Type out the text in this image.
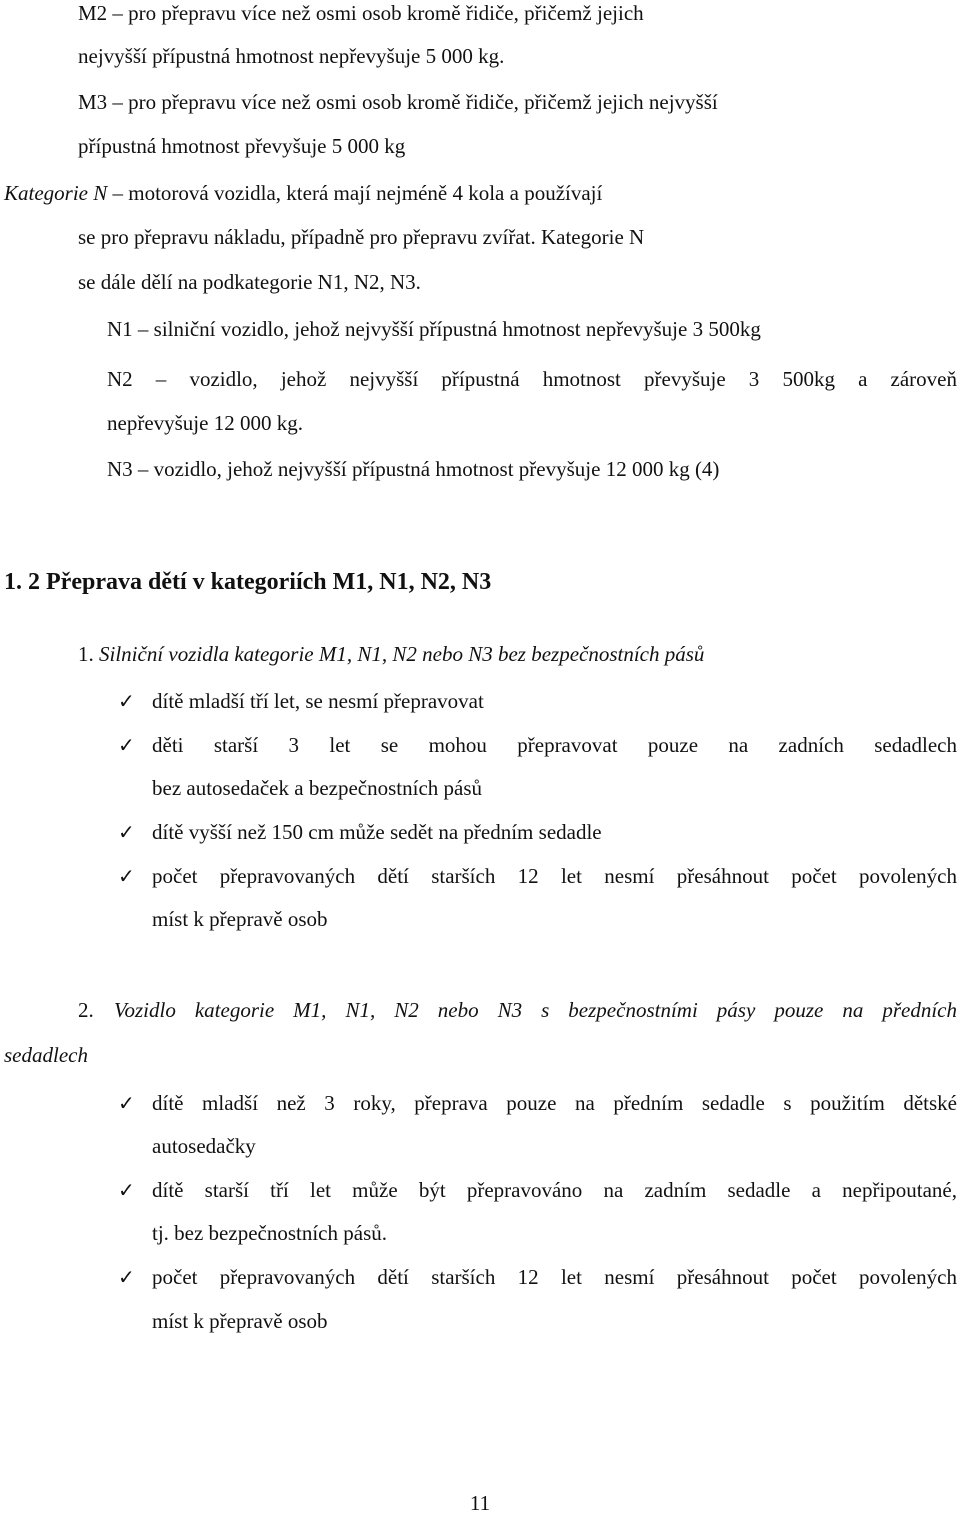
M2 – pro přepravu více než osmi osob kromě řidiče, přičemž jejich
nejvyšší přípustná hmotnost nepřevyšuje 5 000 kg.
M3 – pro přepravu více než osmi osob kromě řidiče, přičemž jejich nejvyšší
přípustná hmotnost převyšuje 5 000 kg
Kategorie N – motorová vozidla, která mají nejméně 4 kola a používají
se pro přepravu nákladu, případně pro přepravu zvířat. Kategorie N
se dále dělí na podkategorie N1, N2, N3.
N1 – silniční vozidlo, jehož nejvyšší přípustná hmotnost nepřevyšuje 3 500kg
N2 – vozidlo, jehož nejvyšší přípustná hmotnost převyšuje 3 500kg a zároveň
nepřevyšuje 12 000 kg.
N3 – vozidlo, jehož nejvyšší přípustná hmotnost převyšuje 12 000 kg (4)
1. 2 Přeprava dětí v kategoriích M1, N1, N2, N3
1. Silniční vozidla kategorie M1, N1, N2 nebo N3 bez bezpečnostních pásů
✓ dítě mladší tří let, se nesmí přepravovat
✓ děti starší 3 let se mohou přepravovat pouze na zadních sedadlech
bez autosedaček a bezpečnostních pásů
✓ dítě vyšší než 150 cm může sedět na předním sedadle
✓ počet přepravovaných dětí starších 12 let nesmí přesáhnout počet povolených
míst k přepravě osob
2. Vozidlo kategorie M1, N1, N2 nebo N3 s bezpečnostními pásy pouze na předních
sedadlech
✓ dítě mladší než 3 roky, přeprava pouze na předním sedadle s použitím dětské
autosedačky
✓ dítě starší tří let může být přepravováno na zadním sedadle a nepřipoutané,
tj. bez bezpečnostních pásů.
✓ počet přepravovaných dětí starších 12 let nesmí přesáhnout počet povolených
míst k přepravě osob
11
